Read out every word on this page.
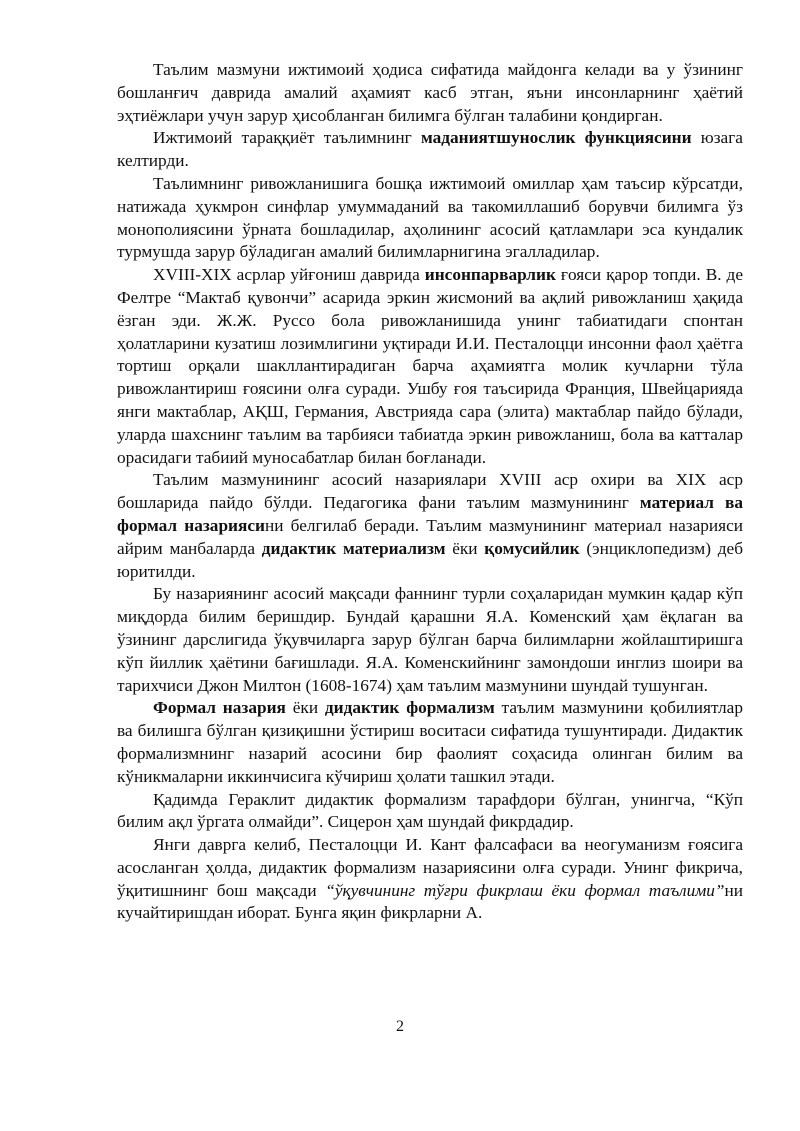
Таълим мазмуни ижтимоий ҳодиса сифатида майдонга келади ва у ўзининг бошланғич даврида амалий аҳамият касб этган, яъни инсонларнинг ҳаётий эҳтиёжлари учун зарур ҳисобланган билимга бўлган талабини қондирган.

Ижтимоий тараққиёт таълимнинг маданиятшунослик функциясини юзага келтирди.

Таълимнинг ривожланишига бошқа ижтимоий омиллар ҳам таъсир кўрсатди, натижада ҳукмрон синфлар умуммаданий ва такомиллашиб борувчи билимга ўз монополиясини ўрната бошладилар, аҳолининг асосий қатламлари эса кундалик турмушда зарур бўладиган амалий билимларнигина эгалладилар.

XVIII-XIX асрлар уйғониш даврида инсонпарварлик ғояси қарор топди. В. де Фелтре “Мактаб қувончи” асарида эркин жисмоний ва ақлий ривожланиш ҳақида ёзган эди. Ж.Ж. Руссо бола ривожланишида унинг табиатидаги спонтан ҳолатларини кузатиш лозимлигини уқтиради И.И. Песталоцци инсонни фаол ҳаётга тортиш орқали шакллантирадиган барча аҳамиятга молик кучларни тўла ривожлантириш ғоясини олға суради. Ушбу ғоя таъсирида Франция, Швейцарияда янги мактаблар, АҚШ, Германия, Австрияда сара (элита) мактаблар пайдо бўлади, уларда шахснинг таълим ва тарбияси табиатда эркин ривожланиш, бола ва катталар орасидаги табиий муносабатлар билан боғланади.

Таълим мазмунининг асосий назариялари XVIII аср охири ва XIX аср бошларида пайдо бўлди. Педагогика фани таълим мазмунининг материал ва формал назариясини белгилаб беради. Таълим мазмунининг материал назарияси айрим манбаларда дидактик материализм ёки қомусийлик (энциклопедизм) деб юритилди.

Бу назариянинг асосий мақсади фаннинг турли соҳаларидан мумкин қадар кўп миқдорда билим беришдир. Бундай қарашни Я.А. Коменский ҳам ёқлаган ва ўзининг дарслигида ўқувчиларга зарур бўлган барча билимларни жойлаштиришга кўп йиллик ҳаётини бағишлади. Я.А. Коменскийнинг замондоши инглиз шоири ва тарихчиси Джон Милтон (1608-1674) ҳам таълим мазмунини шундай тушунган.

Формал назария ёки дидактик формализм таълим мазмунини қобилиятлар ва билишга бўлган қизиқишни ўстириш воситаси сифатида тушунтиради. Дидактик формализмнинг назарий асосини бир фаолият соҳасида олинган билим ва кўникмаларни иккинчисига кўчириш ҳолати ташкил этади.

Қадимда Гераклит дидактик формализм тарафдори бўлган, унингча, “Кўп билим ақл ўргата олмайди”. Сицерон ҳам шундай фикрдадир.

Янги даврга келиб, Песталоцци И. Кант фалсафаси ва неогуманизм ғоясига асосланган ҳолда, дидактик формализм назариясини олға суради. Унинг фикрича, ўқитишнинг бош мақсади “ўқувчининг тўғри фикрлаш ёки формал таълими”ни кучайтиришдан иборат. Бунга яқин фикрларни А.

2
